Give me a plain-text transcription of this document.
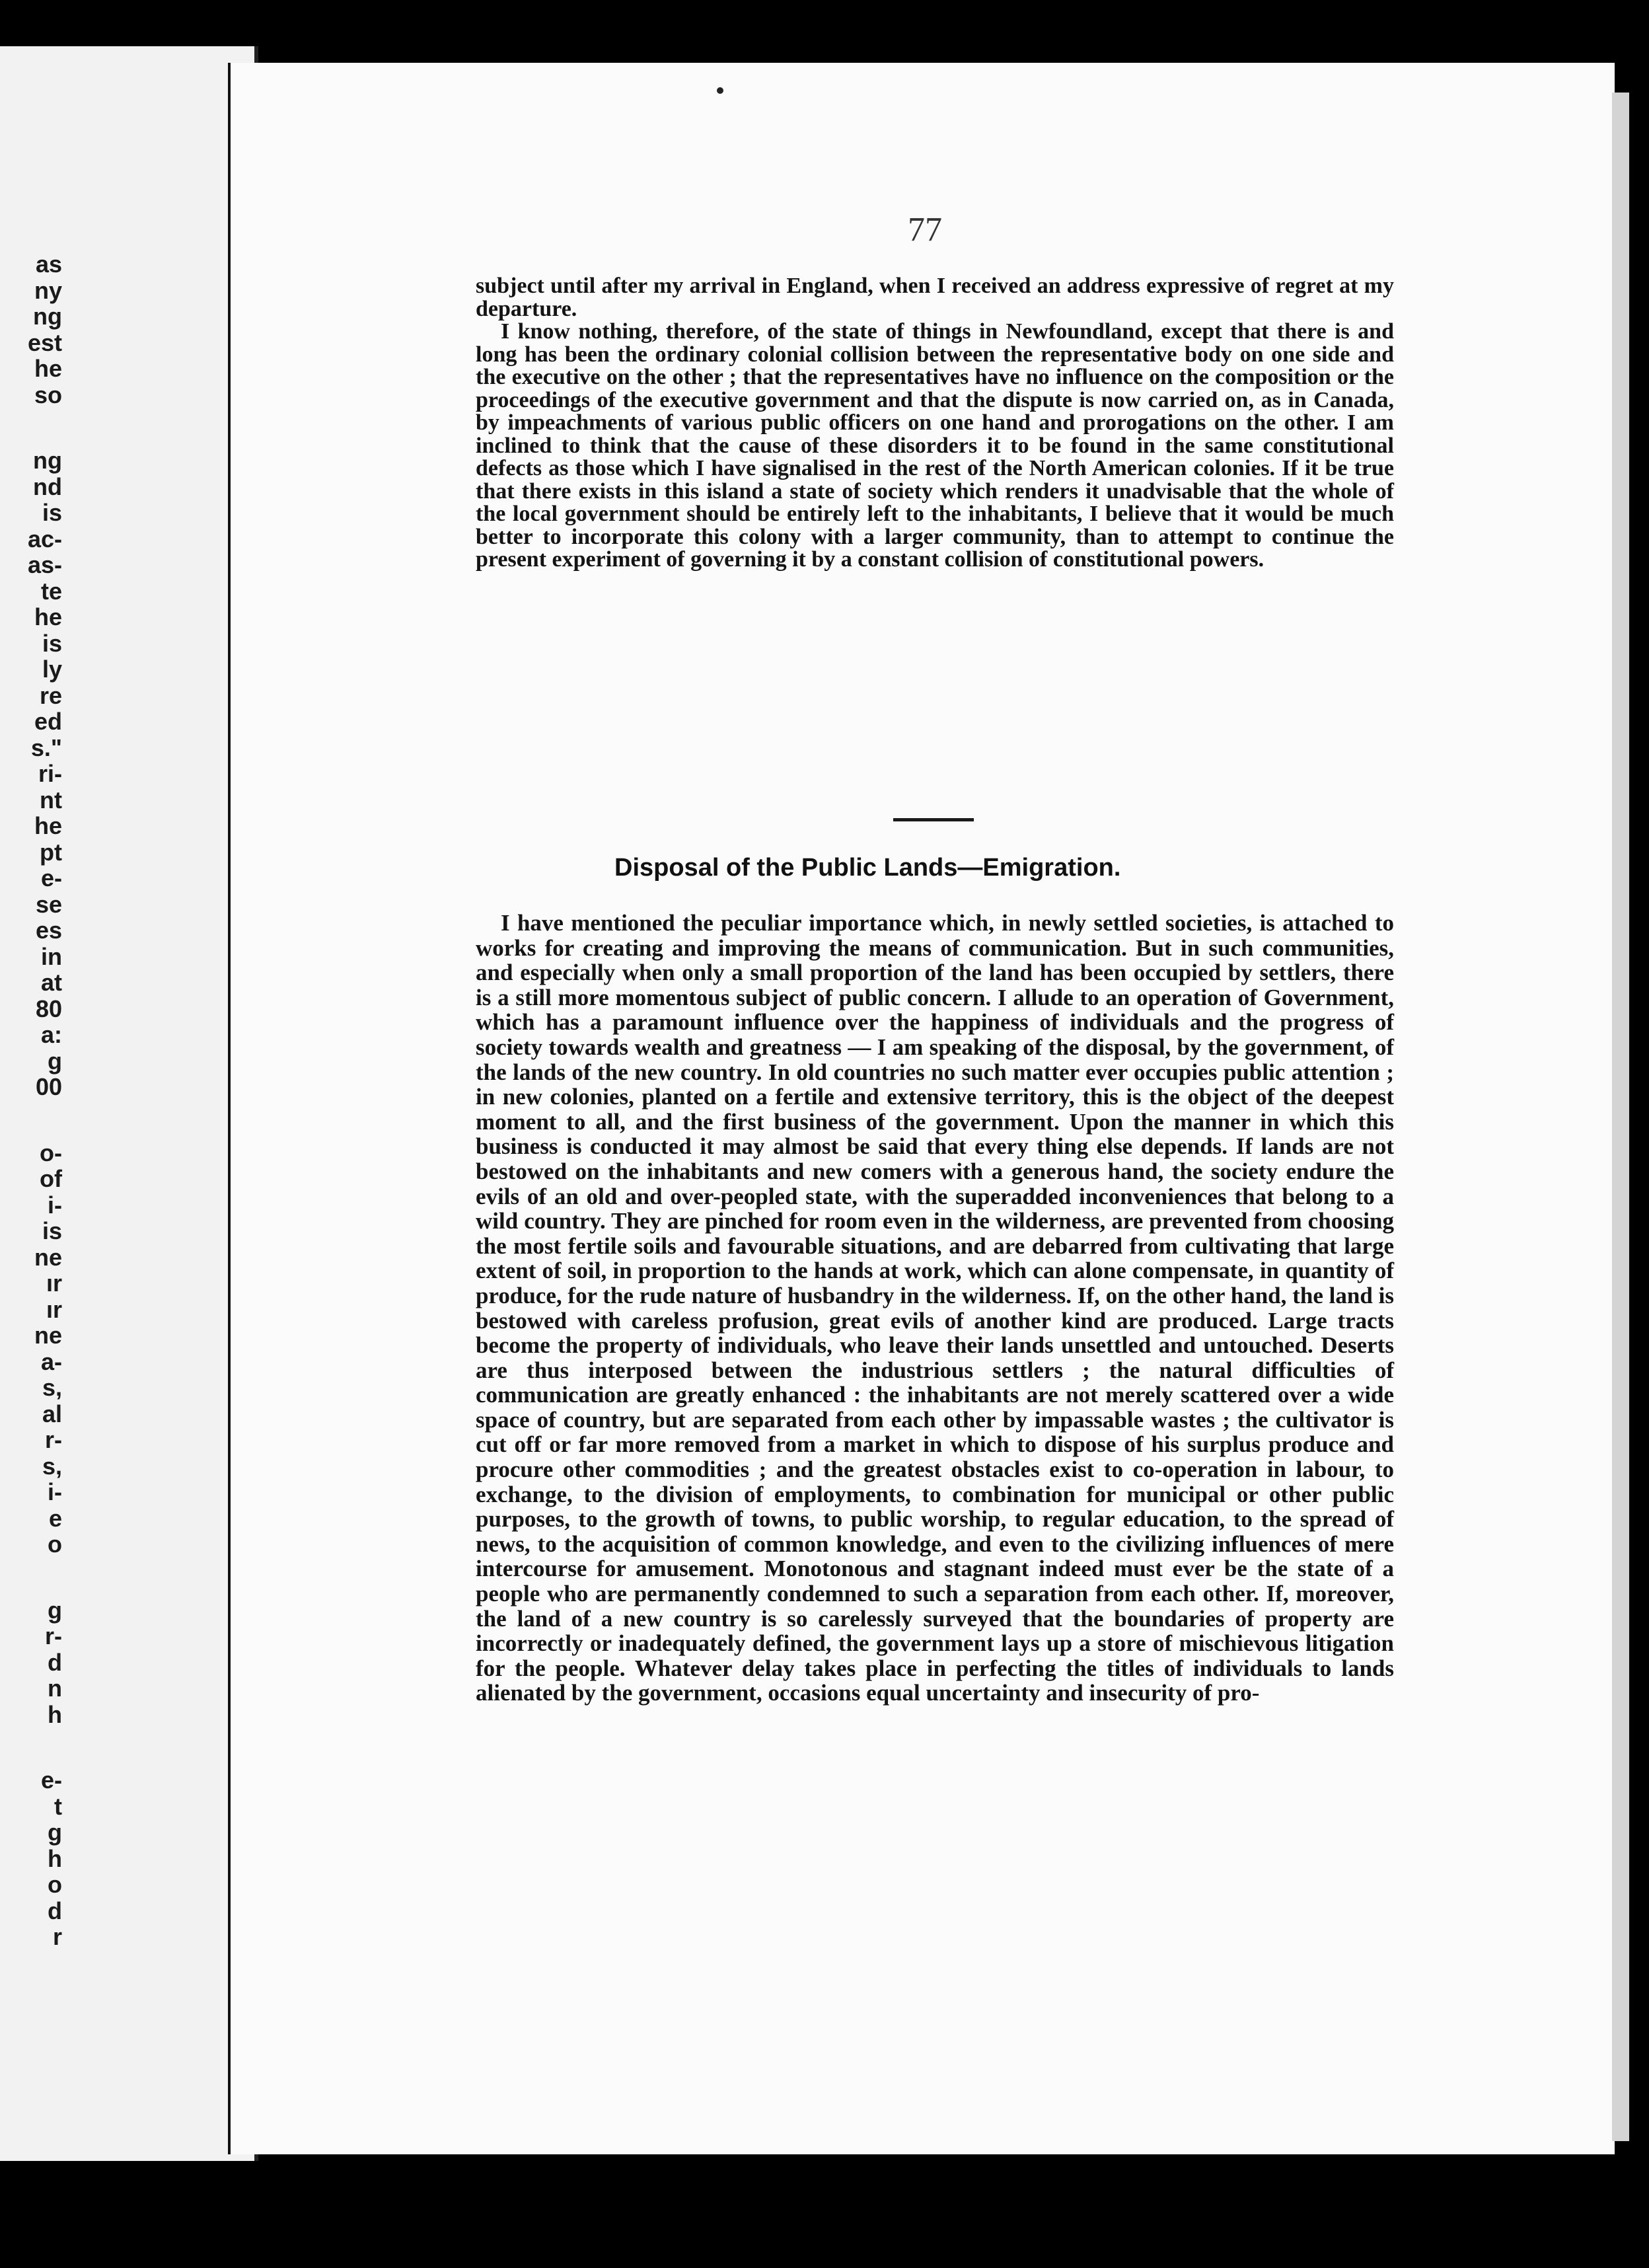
as
ny
ng
est
he
so
ng
nd
is
ac-
as-
te
he
is
ly
re
ed
s."
ri-
nt
he
pt
e-
se
es
in
at
80
a:
g
00
o-
of
i-
is
ne
ır
ır
ne
a-
s,
al
r-
s,
i-
e
o
g
r-
d
n
h
e-
t
g
h
o
d
r
77

subject until after my arrival in England, when I received an address expressive of regret at my departure.

I know nothing, therefore, of the state of things in Newfoundland, except that there is and long has been the ordinary colonial collision between the representative body on one side and the executive on the other ; that the representatives have no influence on the composition or the proceedings of the executive government and that the dispute is now carried on, as in Canada, by impeachments of various public officers on one hand and prorogations on the other. I am inclined to think that the cause of these disorders it to be found in the same constitutional defects as those which I have signalised in the rest of the North American colonies. If it be true that there exists in this island a state of society which renders it unadvisable that the whole of the local government should be entirely left to the inhabitants, I believe that it would be much better to incorporate this colony with a larger community, than to attempt to continue the present experiment of governing it by a constant collision of constitutional powers.

Disposal of the Public Lands—Emigration.

I have mentioned the peculiar importance which, in newly settled societies, is attached to works for creating and improving the means of communication. But in such communities, and especially when only a small proportion of the land has been occupied by settlers, there is a still more momentous subject of public concern. I allude to an operation of Government, which has a paramount influence over the happiness of individuals and the progress of society towards wealth and greatness — I am speaking of the disposal, by the government, of the lands of the new country. In old countries no such matter ever occupies public attention ; in new colonies, planted on a fertile and extensive territory, this is the object of the deepest moment to all, and the first business of the government. Upon the manner in which this business is conducted it may almost be said that every thing else depends. If lands are not bestowed on the inhabitants and new comers with a generous hand, the society endure the evils of an old and over-peopled state, with the superadded inconveniences that belong to a wild country. They are pinched for room even in the wilderness, are prevented from choosing the most fertile soils and favourable situations, and are debarred from cultivating that large extent of soil, in proportion to the hands at work, which can alone compensate, in quantity of produce, for the rude nature of husbandry in the wilderness. If, on the other hand, the land is bestowed with careless profusion, great evils of another kind are produced. Large tracts become the property of individuals, who leave their lands unsettled and untouched. Deserts are thus interposed between the industrious settlers ; the natural difficulties of communication are greatly enhanced : the inhabitants are not merely scattered over a wide space of country, but are separated from each other by impassable wastes ; the cultivator is cut off or far more removed from a market in which to dispose of his surplus produce and procure other commodities ; and the greatest obstacles exist to co-operation in labour, to exchange, to the division of employments, to combination for municipal or other public purposes, to the growth of towns, to public worship, to regular education, to the spread of news, to the acquisition of common knowledge, and even to the civilizing influences of mere intercourse for amusement. Monotonous and stagnant indeed must ever be the state of a people who are permanently condemned to such a separation from each other. If, moreover, the land of a new country is so carelessly surveyed that the boundaries of property are incorrectly or inadequately defined, the government lays up a store of mischievous litigation for the people. Whatever delay takes place in perfecting the titles of individuals to lands alienated by the government, occasions equal uncertainty and insecurity of pro-
